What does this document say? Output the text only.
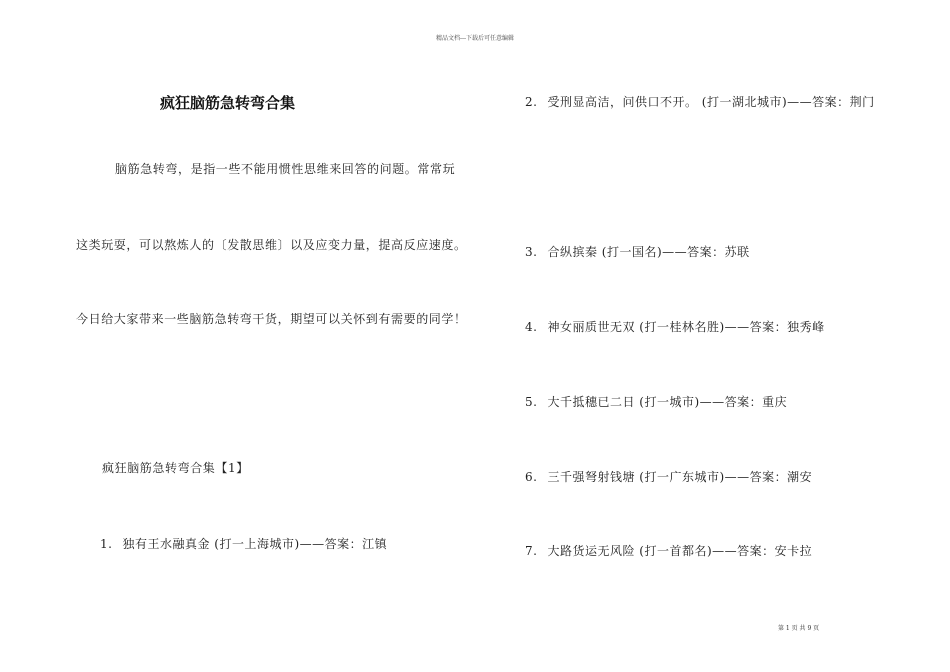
精品文档---下载后可任意编辑
疯狂脑筋急转弯合集
脑筋急转弯，是指一些不能用惯性思维来回答的问题。常常玩
这类玩耍，可以熬炼人的〔发散思维〕以及应变力量，提高反应速度。
今日给大家带来一些脑筋急转弯干货，期望可以关怀到有需要的同学！
疯狂脑筋急转弯合集【1】
1. 独有王水融真金 (打一上海城市)——答案：江镇
2. 受刑显高洁，问供口不开。 (打一湖北城市)——答案：荆门
3. 合纵摈秦 (打一国名)——答案：苏联
4. 神女丽质世无双 (打一桂林名胜)——答案：独秀峰
5. 大千抵穗已二日 (打一城市)——答案：重庆
6. 三千强弩射钱塘 (打一广东城市)——答案：潮安
7. 大路货运无风险 (打一首都名)——答案：安卡拉
第 1 页 共 9 页
